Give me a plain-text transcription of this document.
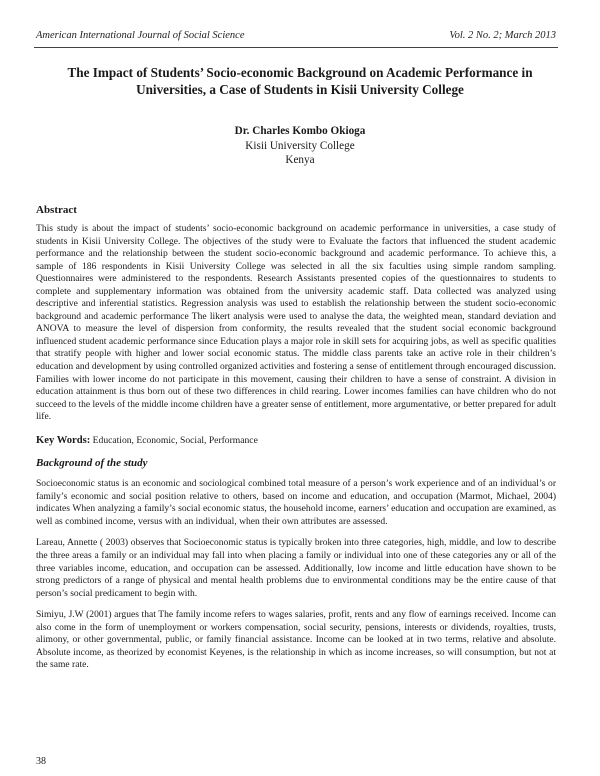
American International Journal of Social Science	Vol. 2 No. 2; March 2013
The Impact of Students’ Socio-economic Background on Academic Performance in
Universities, a Case of Students in Kisii University College
Dr. Charles Kombo Okioga
Kisii University College
Kenya
Abstract

This study is about the impact of students’ socio-economic background on academic performance in universities, a case study of students in Kisii University College. The objectives of the study were to Evaluate the factors that influenced the student academic performance and the relationship between the student socio-economic background and academic performance. To achieve this, a sample of 186 respondents in Kisii University College was selected in all the six faculties using simple random sampling. Questionnaires were administered to the respondents. Research Assistants presented copies of the questionnaires to students to complete and supplementary information was obtained from the university academic staff. Data collected was analyzed using descriptive and inferential statistics. Regression analysis was used to establish the relationship between the student socio-economic background and academic performance The likert analysis were used to analyse the data, the weighted mean, standard deviation and ANOVA to measure the level of dispersion from conformity, the results revealed that the student social economic background influenced student academic performance since Education plays a major role in skill sets for acquiring jobs, as well as specific qualities that stratify people with higher and lower social economic status. The middle class parents take an active role in their children’s education and development by using controlled organized activities and fostering a sense of entitlement through encouraged discussion. Families with lower income do not participate in this movement, causing their children to have a sense of constraint. A division in education attainment is thus born out of these two differences in child rearing. Lower incomes families can have children who do not succeed to the levels of the middle income children have a greater sense of entitlement, more argumentative, or better prepared for adult life.

Key Words: Education, Economic, Social, Performance

Background of the study

Socioeconomic status is an economic and sociological combined total measure of a person’s work experience and of an individual’s or family’s economic and social position relative to others, based on income and education, and occupation (Marmot, Michael, 2004) indicates When analyzing a family’s social economic status, the household income, earners’ education and occupation are examined, as well as combined income, versus with an individual, when their own attributes are assessed.

Lareau, Annette ( 2003) observes that Socioeconomic status is typically broken into three categories, high, middle, and low to describe the three areas a family or an individual may fall into when placing a family or individual into one of these categories any or all of the three variables income, education, and occupation can be assessed. Additionally, low income and little education have shown to be strong predictors of a range of physical and mental health problems due to environmental conditions may be the entire cause of that person’s social predicament to begin with.

Simiyu, J.W (2001) argues that The family income refers to wages salaries, profit, rents and any flow of earnings received. Income can also come in the form of unemployment or workers compensation, social security, pensions, interests or dividends, royalties, trusts, alimony, or other governmental, public, or family financial assistance. Income can be looked at in two terms, relative and absolute. Absolute income, as theorized by economist Keyenes, is the relationship in which as income increases, so will consumption, but not at the same rate.

38
